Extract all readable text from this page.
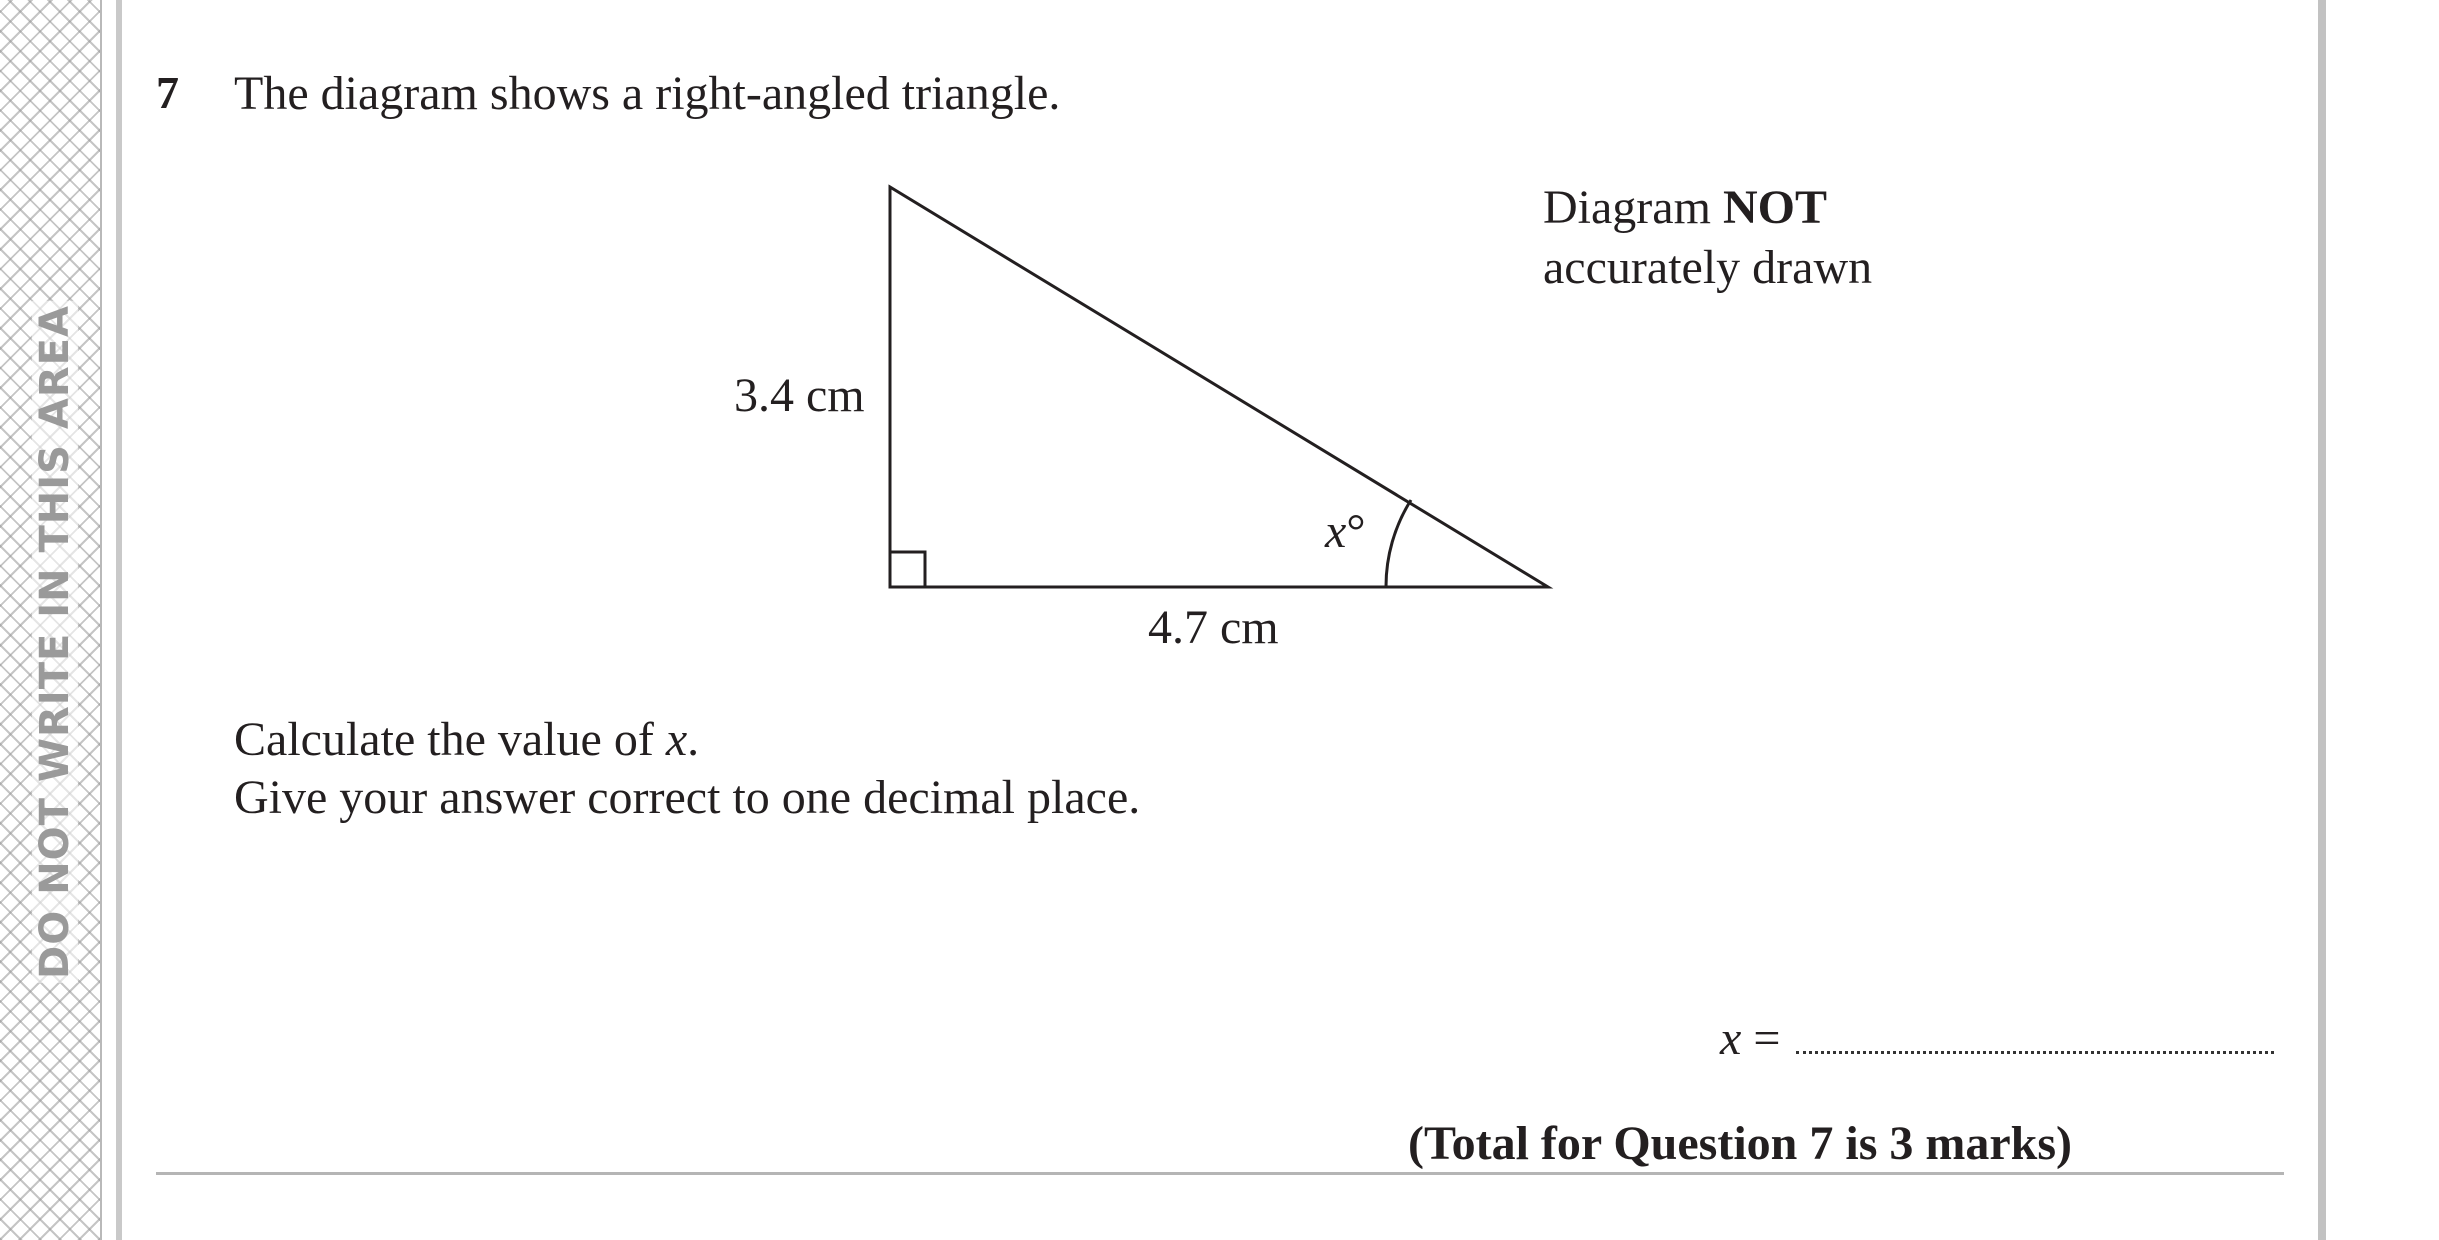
DO NOT WRITE IN THIS AREA
7 The diagram shows a right-angled triangle.
Diagram NOT
accurately drawn
3.4 cm
4.7 cm
x°
Calculate the value of x.
Give your answer correct to one decimal place.
x =
(Total for Question 7 is 3 marks)
